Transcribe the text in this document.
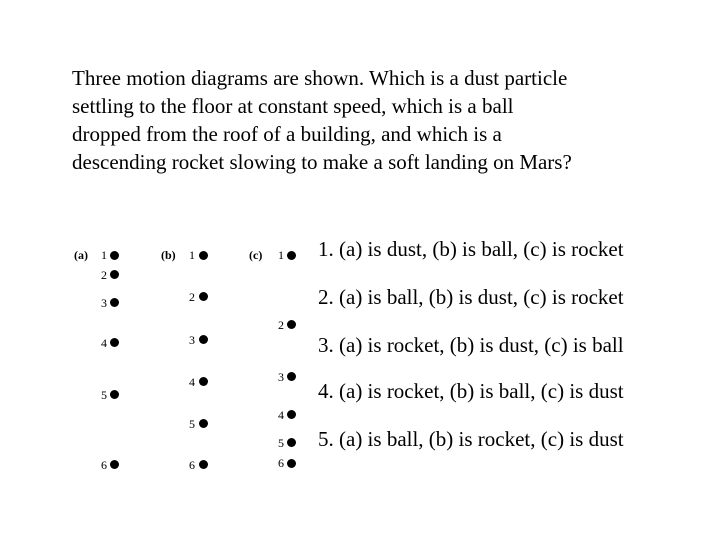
Three motion diagrams are shown. Which is a dust particle
settling to the floor at constant speed, which is a ball
dropped from the roof of a building, and which is a
descending rocket slowing to make a soft landing on Mars?

(a)	1
2
3
4
5
6
(b)	1
2
3
4
5
6
(c)	1
2
3
4
5
6
1. (a) is dust, (b) is ball, (c) is rocket
2. (a) is ball, (b) is dust, (c) is rocket
3. (a) is rocket, (b) is dust, (c) is ball
4. (a) is rocket, (b) is ball, (c) is dust
5. (a) is ball, (b) is rocket, (c) is dust
